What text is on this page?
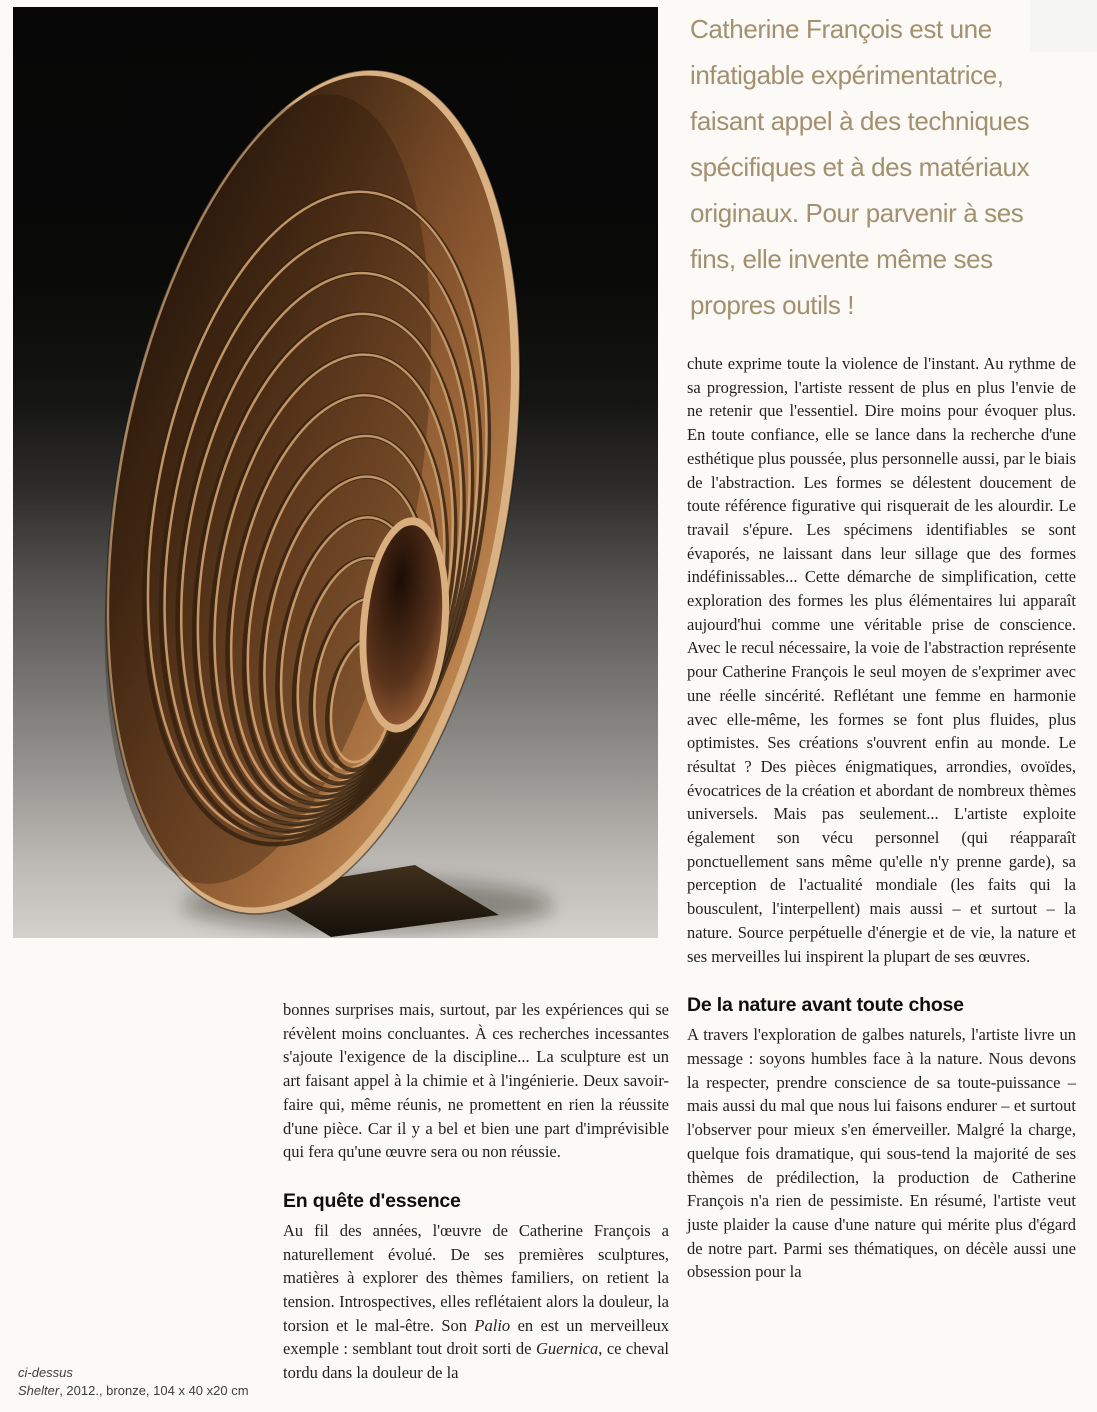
Catherine François est une infatigable expérimentatrice, faisant appel à des techniques spécifiques et à des matériaux originaux. Pour parvenir à ses fins, elle invente même ses propres outils !

bonnes surprises mais, surtout, par les expériences qui se révèlent moins concluantes. À ces recherches incessantes s'ajoute l'exigence de la discipline... La sculpture est un art faisant appel à la chimie et à l'ingénierie. Deux savoir-faire qui, même réunis, ne promettent en rien la réussite d'une pièce. Car il y a bel et bien une part d'imprévisible qui fera qu'une œuvre sera ou non réussie.

En quête d'essence

Au fil des années, l'œuvre de Catherine François a naturellement évolué. De ses premières sculptures, matières à explorer des thèmes familiers, on retient la tension. Introspectives, elles reflétaient alors la douleur, la torsion et le mal-être. Son Palio en est un merveilleux exemple : semblant tout droit sorti de Guernica, ce cheval tordu dans la douleur de la

chute exprime toute la violence de l'instant. Au rythme de sa progression, l'artiste ressent de plus en plus l'envie de ne retenir que l'essentiel. Dire moins pour évoquer plus. En toute confiance, elle se lance dans la recherche d'une esthétique plus poussée, plus personnelle aussi, par le biais de l'abstraction. Les formes se délestent doucement de toute référence figurative qui risquerait de les alourdir. Le travail s'épure. Les spécimens identifiables se sont évaporés, ne laissant dans leur sillage que des formes indéfinissables... Cette démarche de simplification, cette exploration des formes les plus élémentaires lui apparaît aujourd'hui comme une véritable prise de conscience. Avec le recul nécessaire, la voie de l'abstraction représente pour Catherine François le seul moyen de s'exprimer avec une réelle sincérité. Reflétant une femme en harmonie avec elle-même, les formes se font plus fluides, plus optimistes. Ses créations s'ouvrent enfin au monde. Le résultat ? Des pièces énigmatiques, arrondies, ovoïdes, évocatrices de la création et abordant de nombreux thèmes universels. Mais pas seulement... L'artiste exploite également son vécu personnel (qui réapparaît ponctuellement sans même qu'elle n'y prenne garde), sa perception de l'actualité mondiale (les faits qui la bousculent, l'interpellent) mais aussi – et surtout – la nature. Source perpétuelle d'énergie et de vie, la nature et ses merveilles lui inspirent la plupart de ses œuvres.

De la nature avant toute chose

A travers l'exploration de galbes naturels, l'artiste livre un message : soyons humbles face à la nature. Nous devons la respecter, prendre conscience de sa toute-puissance – mais aussi du mal que nous lui faisons endurer – et surtout l'observer pour mieux s'en émerveiller. Malgré la charge, quelque fois dramatique, qui sous-tend la majorité de ses thèmes de prédilection, la production de Catherine François n'a rien de pessimiste. En résumé, l'artiste veut juste plaider la cause d'une nature qui mérite plus d'égard de notre part. Parmi ses thématiques, on décèle aussi une obsession pour la

ci-dessus
Shelter, 2012., bronze, 104 x 40 x20 cm
